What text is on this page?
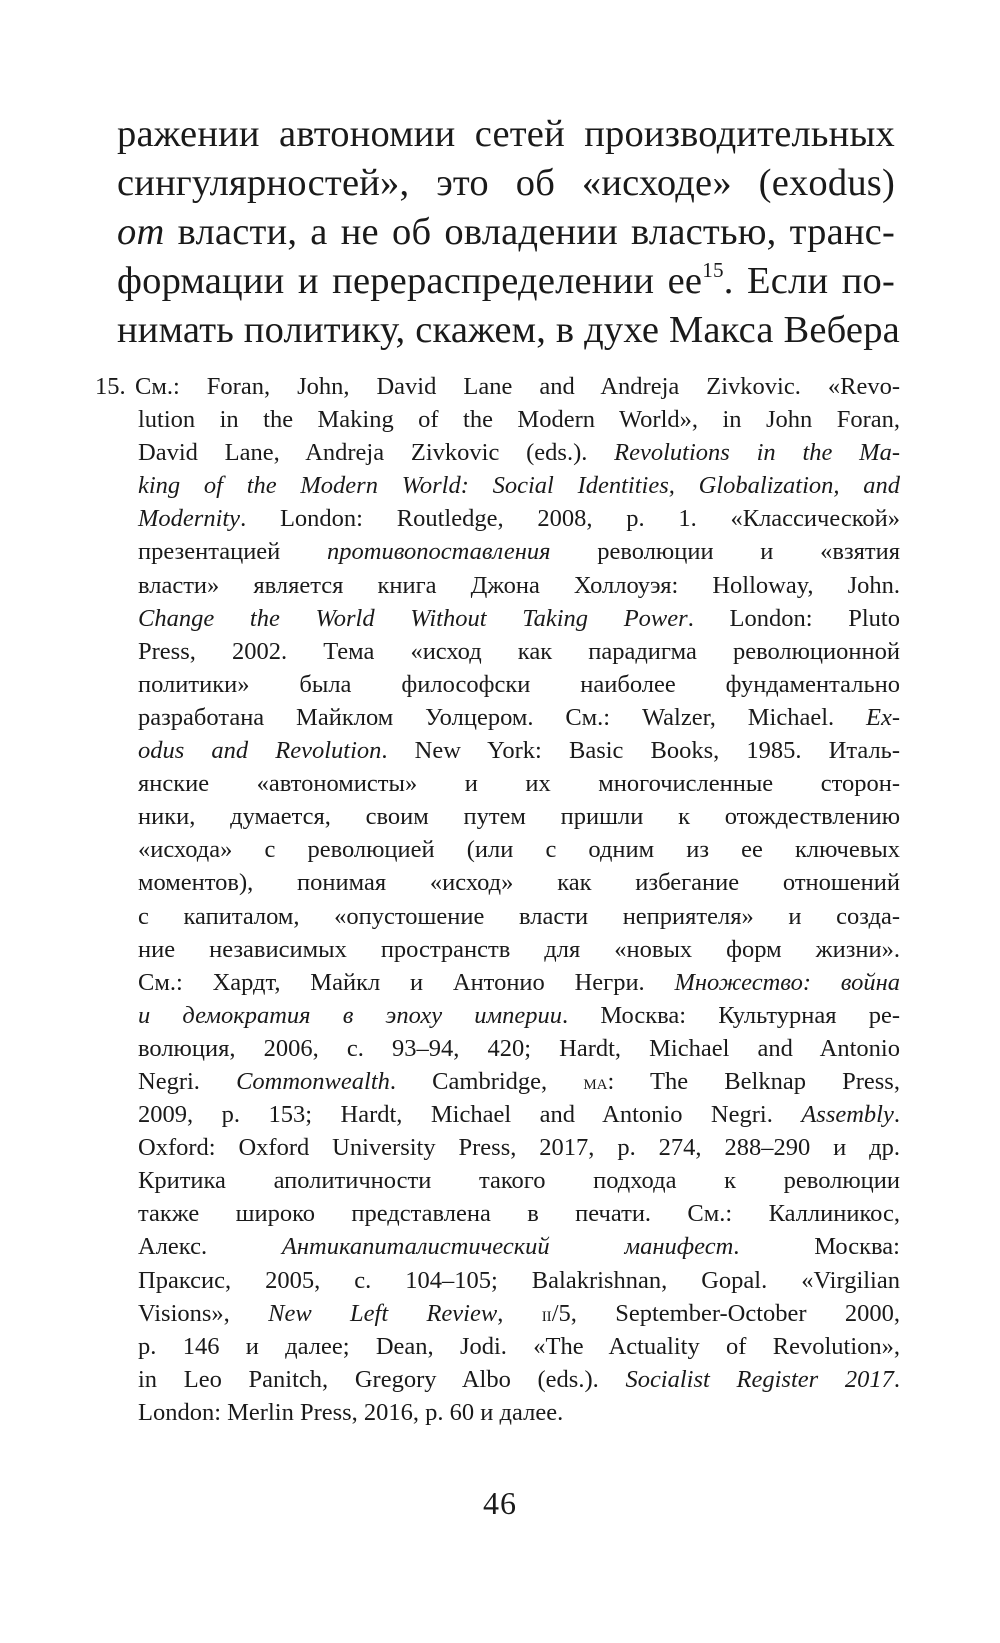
ражении автономии сетей производительных
сингулярностей», это об «исходе» (exodus)
от власти, а не об овладении властью, транс-
формации и перераспределении ее$^{15}$. Если по-
нимать политику, скажем, в духе Макса Вебера
15. См.: Foran, John, David Lane and Andreja Zivkovic. «Revo-
lution in the Making of the Modern World», in John Foran,
David Lane, Andreja Zivkovic (eds.). Revolutions in the Ma-
king of the Modern World: Social Identities, Globalization, and
Modernity. London: Routledge, 2008, p. 1. «Классической»
презентацией противопоставления революции и «взятия
власти» является книга Джона Холлоуэя: Holloway, John.
Change the World Without Taking Power. London: Pluto
Press, 2002. Тема «исход как парадигма революционной
политики» была философски наиболее фундаментально
разработана Майклом Уолцером. См.: Walzer, Michael. Ex-
odus and Revolution. New York: Basic Books, 1985. Италь-
янские «автономисты» и их многочисленные сторон-
ники, думается, своим путем пришли к отождествлению
«исхода» с революцией (или с одним из ее ключевых
моментов), понимая «исход» как избегание отношений
с капиталом, «опустошение власти неприятеля» и созда-
ние независимых пространств для «новых форм жизни».
См.: Хардт, Майкл и Антонио Негри. Множество: война
и демократия в эпоху империи. Москва: Культурная ре-
волюция, 2006, с. 93–94, 420; Hardt, Michael and Antonio
Negri. Commonwealth. Cambridge, ma: The Belknap Press,
2009, p. 153; Hardt, Michael and Antonio Negri. Assembly.
Oxford: Oxford University Press, 2017, p. 274, 288–290 и др.
Критика аполитичности такого подхода к революции
также широко представлена в печати. См.: Каллиникос,
Алекс. Антикапиталистический манифест. Москва:
Праксис, 2005, с. 104–105; Balakrishnan, Gopal. «Virgilian
Visions», New Left Review, ii/5, September-October 2000,
p. 146 и далее; Dean, Jodi. «The Actuality of Revolution»,
in Leo Panitch, Gregory Albo (eds.). Socialist Register 2017.
London: Merlin Press, 2016, p. 60 и далее.
46
